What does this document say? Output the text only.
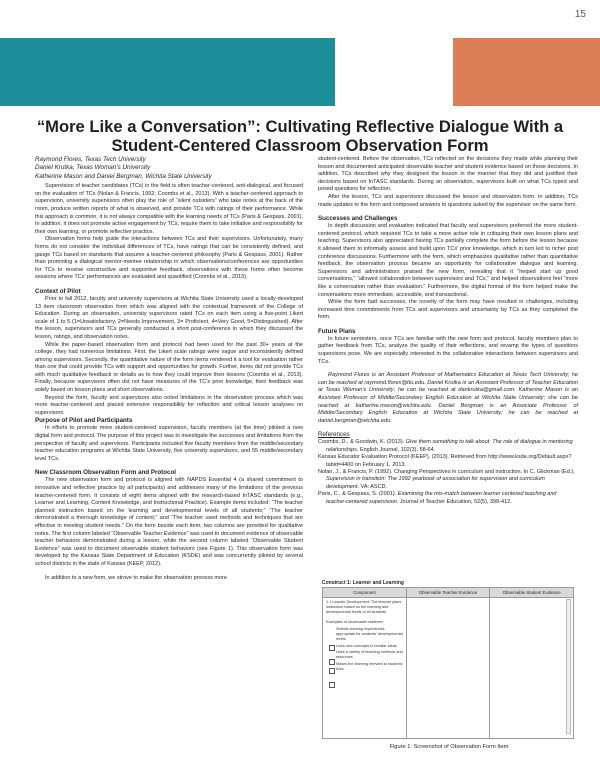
15
“More Like a Conversation”: Cultivating Reflective Dialogue With a Student-Centered Classroom Observation Form

Raymond Flores, Texas Tech University

Daniel Krutka, Texas Woman’s University

Katherine Mason and Daniel Bergman, Wichita State University

Supervision of teacher candidates (TCs) in the field is often teacher-centered, anti-dialogical, and focused on the evaluation of TCs (Nolan & Francis, 1992; Coombs et al., 2013). With a teacher-centered approach to supervision, university supervisors often play the role of “silent outsiders” who take notes at the back of the room, produce written reports of what is observed, and provide TCs with ratings of their performance. While this approach is common, it is not always compatible with the learning needs of TCs (Paris & Gespass, 2001). In addition, it does not promote active engagement by TCs, require them to take initiative and responsibility for their own learning, or promote reflective practice.

Observation forms help guide the interactions between TCs and their supervisors. Unfortunately, many forms do not consider the individual differences of TCs, have ratings that can be consistently defined, and gauge TCs based on standards that assume a teacher-centered philosophy (Paris & Gespass, 2001). Rather than promoting a dialogical mentor-mentee relationship in which observations/conferences are opportunities for TCs to receive constructive and supportive feedback, observations with these forms often become sessions where TCs’ performances are evaluated and quantified (Coombs et al., 2013).

Context of Pilot

Prior to fall 2012, faculty and university supervisors at Wichita State University used a locally-developed 13 item classroom observation form which was aligned with the contextual framework of the College of Education. During an observation, university supervisors rated TCs on each item using a five-point Likert scale of 1 to 5 (1=Unsatisfactory, 2=Needs Improvement, 3= Proficient, 4=Very Good, 5=Distinguished). After the lesson, supervisors and TCs generally conducted a short post-conference in which they discussed the lesson, ratings, and observation notes.

While the paper-based observation form and protocol had been used for the past 30+ years at the college, they had numerous limitations. First, the Likert scale ratings were vague and inconsistently defined among supervisors. Secondly, the quantitative nature of the form items rendered it a tool for evaluation rather than one that could provide TCs with support and opportunities for growth. Further, items did not provide TCs with much qualitative feedback or details as to how they could improve their lessons (Coombs et al., 2013). Finally, because supervisors often did not have measures of the TC’s prior knowledge, their feedback was solely based on lesson plans and short observations.

Beyond the form, faculty and supervisors also noted limitations in the observation process which was more teacher-centered and placed extensive responsibility for reflection and critical lesson analyses on supervisors.

Purpose of Pilot and Participants

In efforts to promote more student-centered supervision, faculty members (at the time) piloted a new digital form and protocol. The purpose of this project was to investigate the successes and limitations from the perspective of faculty and supervisors. Participants included five faculty members from the middle/secondary teacher education programs at Wichita State University, five university supervisors, and 55 middle/secondary level TCs.

New Classroom Observation Form and Protocol

The new observation form and protocol is aligned with NAPDS Essential 4 (a shared commitment to innovative and reflective practice by all participants) and addresses many of the limitations of the previous teacher-centered form. It consists of eight items aligned with the research-based InTASC standards (e.g., Learner and Learning, Content Knowledge, and Instructional Practice). Example items included: “The teacher planned instruction based on the learning and developmental levels of all students;” “The teacher demonstrated a thorough knowledge of content;” and “The teacher used methods and techniques that are effective in meeting student needs.” On the form beside each item, two columns are provided for qualitative notes. The first column labeled “Observable Teacher Evidence” was used to document evidence of observable teacher behaviors demonstrated during a lesson, while the second column labeled “Observable Student Evidence” was used to document observable student behaviors (see Figure 1). This observation form was developed by the Kansas State Department of Education (KSDE) and was concurrently piloted by several school districts in the state of Kansas (KEEP, 2012).

In addition to a new form, we strove to make the observation process more

student-centered. Before the observation, TCs reflected on the decisions they made while planning their lesson and documented anticipated observable teacher and student evidence based on those decisions. In addition, TCs described why they designed the lesson in the manner that they did and justified their decisions based on InTASC standards. During an observation, supervisors built on what TCs typed and posed questions for reflection.

After the lesson, TCs and supervisors discussed the lesson and observation form. In addition, TCs made updates to the form and composed answers to questions asked by the supervisor on the same form.

Successes and Challenges

In depth discussion and evaluation indicated that faculty and supervisors preferred the more student-centered protocol, which required TCs to take a more active role in critiquing their own lesson plans and teaching. Supervisors also appreciated having TCs partially complete the form before the lesson because it allowed them to informally assess and build upon TCs’ prior knowledge, which in turn led to richer post conference discussions. Furthermore with the form, which emphasizes qualitative rather than quantitative feedback, the observation process became an opportunity for collaborative dialogue and learning. Supervisors and administrators praised the new form, revealing that it “helped start up good conversations,” “allowed collaboration between supervisors and TCs,” and helped observations feel “more like a conversation rather than evaluation.” Furthermore, the digital format of the form helped make the conversations more immediate, accessible, and transactional.

While the form had successes, the novelty of the form may have resulted in challenges, including increased time commitments from TCs and supervisors and uncertainty by TCs as they completed the form.

Future Plans

In future semesters, once TCs are familiar with the new form and protocol, faculty members plan to gather feedback from TCs, analyze the quality of their reflections, and revamp the types of questions supervisors pose. We are especially interested in the collaborative interactions between supervisors and TCs.

Raymond Flores is an Assistant Professor of Mathematics Education at Texas Tech University; he can be reached at raymond.flores@ttu.edu. Daniel Krutka is an Assistant Professor of Teacher Education at Texas Woman’s University; he can be reached at dankrutka@gmail.com. Katherine Mason is an Assistant Professor of Middle/Secondary English Education at Wichita State University; she can be reached at katherine.mason@wichita.edu. Daniel Bergman is an Associate Professor of Middle/Secondary English Education at Wichita State University; he can be reached at daniel.bergman@wichita.edu.

References

Coombs, D., & Goodwin, K. (2013). Give them something to talk about: The role of dialogue in mentoring relationships. English Journal, 102(3), 58-64.

Kansas Educator Evaluation Protocol (KEEP). (2013). Retrieved from http://www.ksde.org/Default.aspx?tabid=4400 on February 1, 2013.

Nolan, J., & Francis, P. (1992). Changing Perspectives in curriculum and instruction. In C. Glickman (Ed.), Supervision in transition: The 1992 yearbook of association for supervision and curriculum development. VA: ASCD.

Paris, C., & Gespass, S. (2001). Examining the mis-match between learner centered teaching and teacher-centered supervision. Journal of Teacher Education, 52(5), 398-412.

Construct 1: Learner and Learning

Component	Observable Teacher Evidence	Observable Student Evidence
1.1 Learner Development: The teacher plans instruction based on the learning and developmental levels of all students.
Examples of observable evidence:
Selects learning experiences appropriate for students' developmental levels
Links new concepts to familiar ideas
Uses a variety of teaching methods and resources
Makes the learning relevant to students' lives

Figure 1: Screenshot of Observation Form Item
